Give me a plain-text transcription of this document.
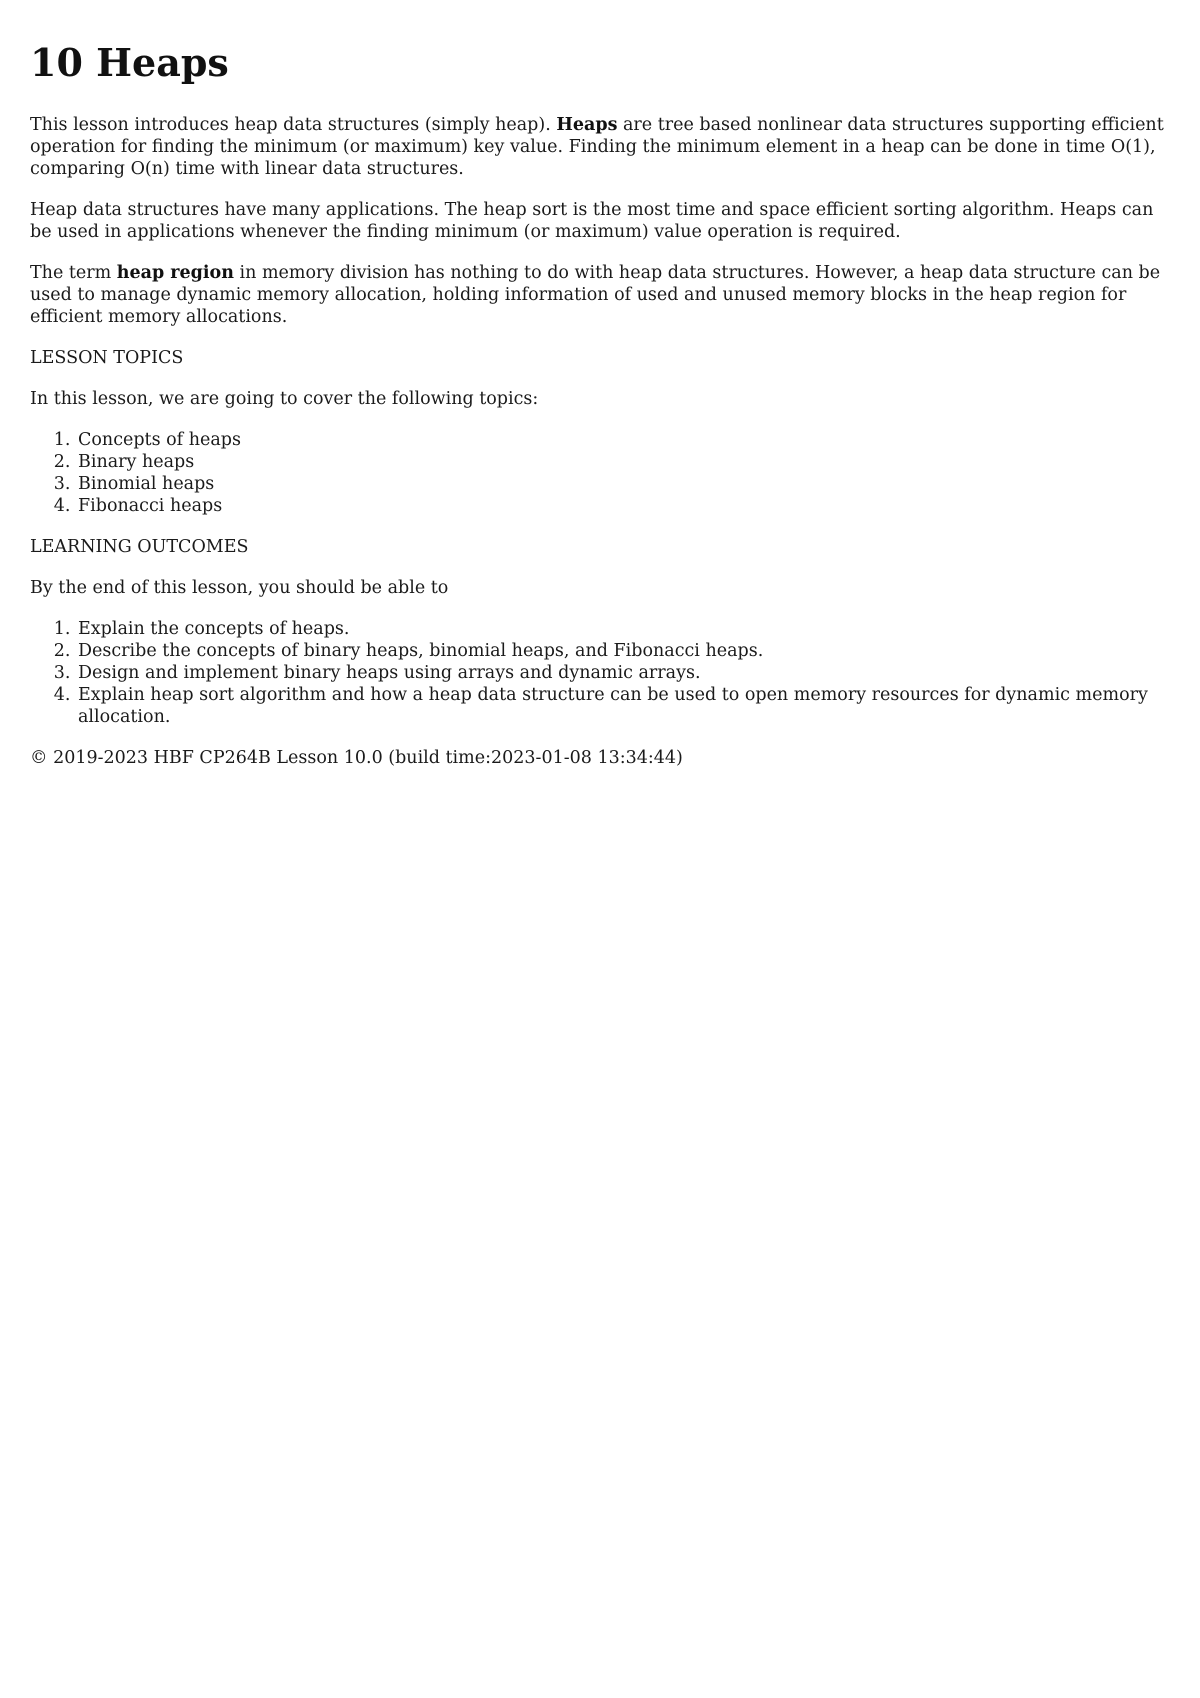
10 Heaps

This lesson introduces heap data structures (simply heap). Heaps are tree based nonlinear data structures supporting efficient operation for finding the minimum (or maximum) key value. Finding the minimum element in a heap can be done in time O(1), comparing O(n) time with linear data structures.

Heap data structures have many applications. The heap sort is the most time and space efficient sorting algorithm. Heaps can be used in applications whenever the finding minimum (or maximum) value operation is required.

The term heap region in memory division has nothing to do with heap data structures. However, a heap data structure can be used to manage dynamic memory allocation, holding information of used and unused memory blocks in the heap region for efficient memory allocations.

LESSON TOPICS

In this lesson, we are going to cover the following topics:

1. Concepts of heaps
2. Binary heaps
3. Binomial heaps
4. Fibonacci heaps

LEARNING OUTCOMES

By the end of this lesson, you should be able to

1. Explain the concepts of heaps.
2. Describe the concepts of binary heaps, binomial heaps, and Fibonacci heaps.
3. Design and implement binary heaps using arrays and dynamic arrays.
4. Explain heap sort algorithm and how a heap data structure can be used to open memory resources for dynamic memory allocation.

© 2019-2023 HBF CP264B Lesson 10.0 (build time:2023-01-08 13:34:44)
